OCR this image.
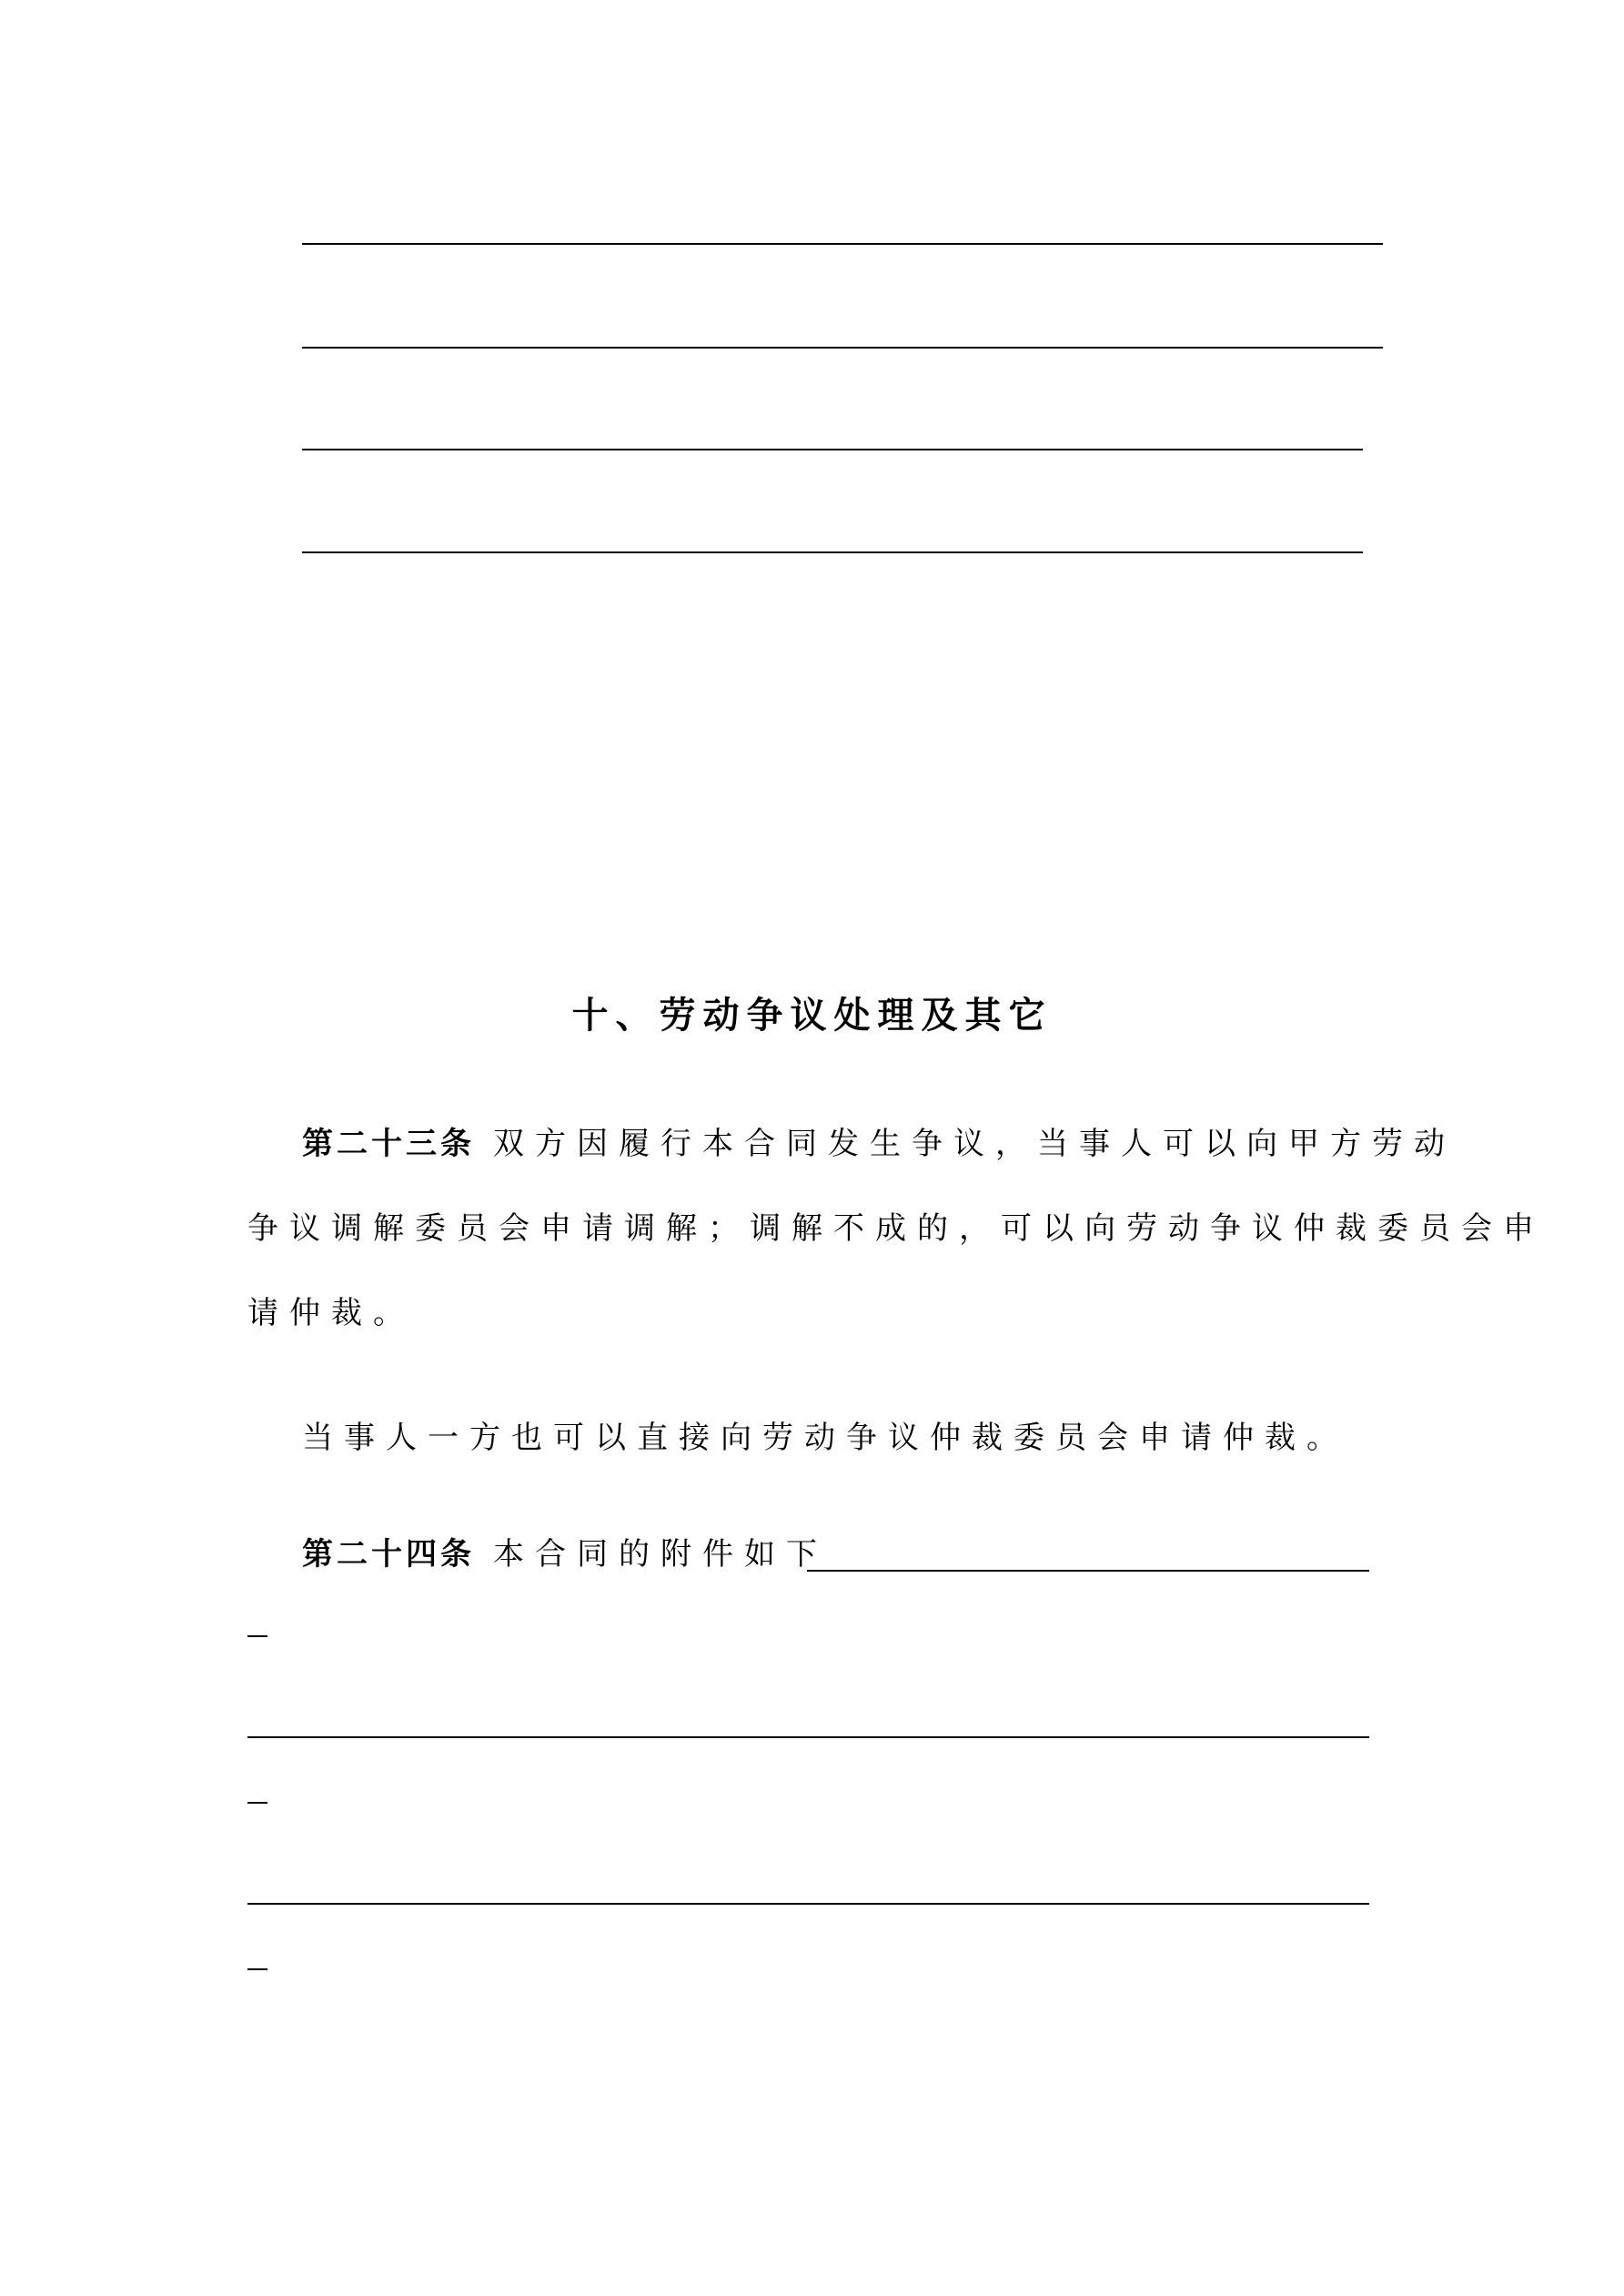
十、劳动争议处理及其它
第二十三条 双方因履行本合同发生争议，当事人可以向甲方劳动
争议调解委员会申请调解；调解不成的，可以向劳动争议仲裁委员会申
请仲裁。
当事人一方也可以直接向劳动争议仲裁委员会申请仲裁。
第二十四条 本合同的附件如下
